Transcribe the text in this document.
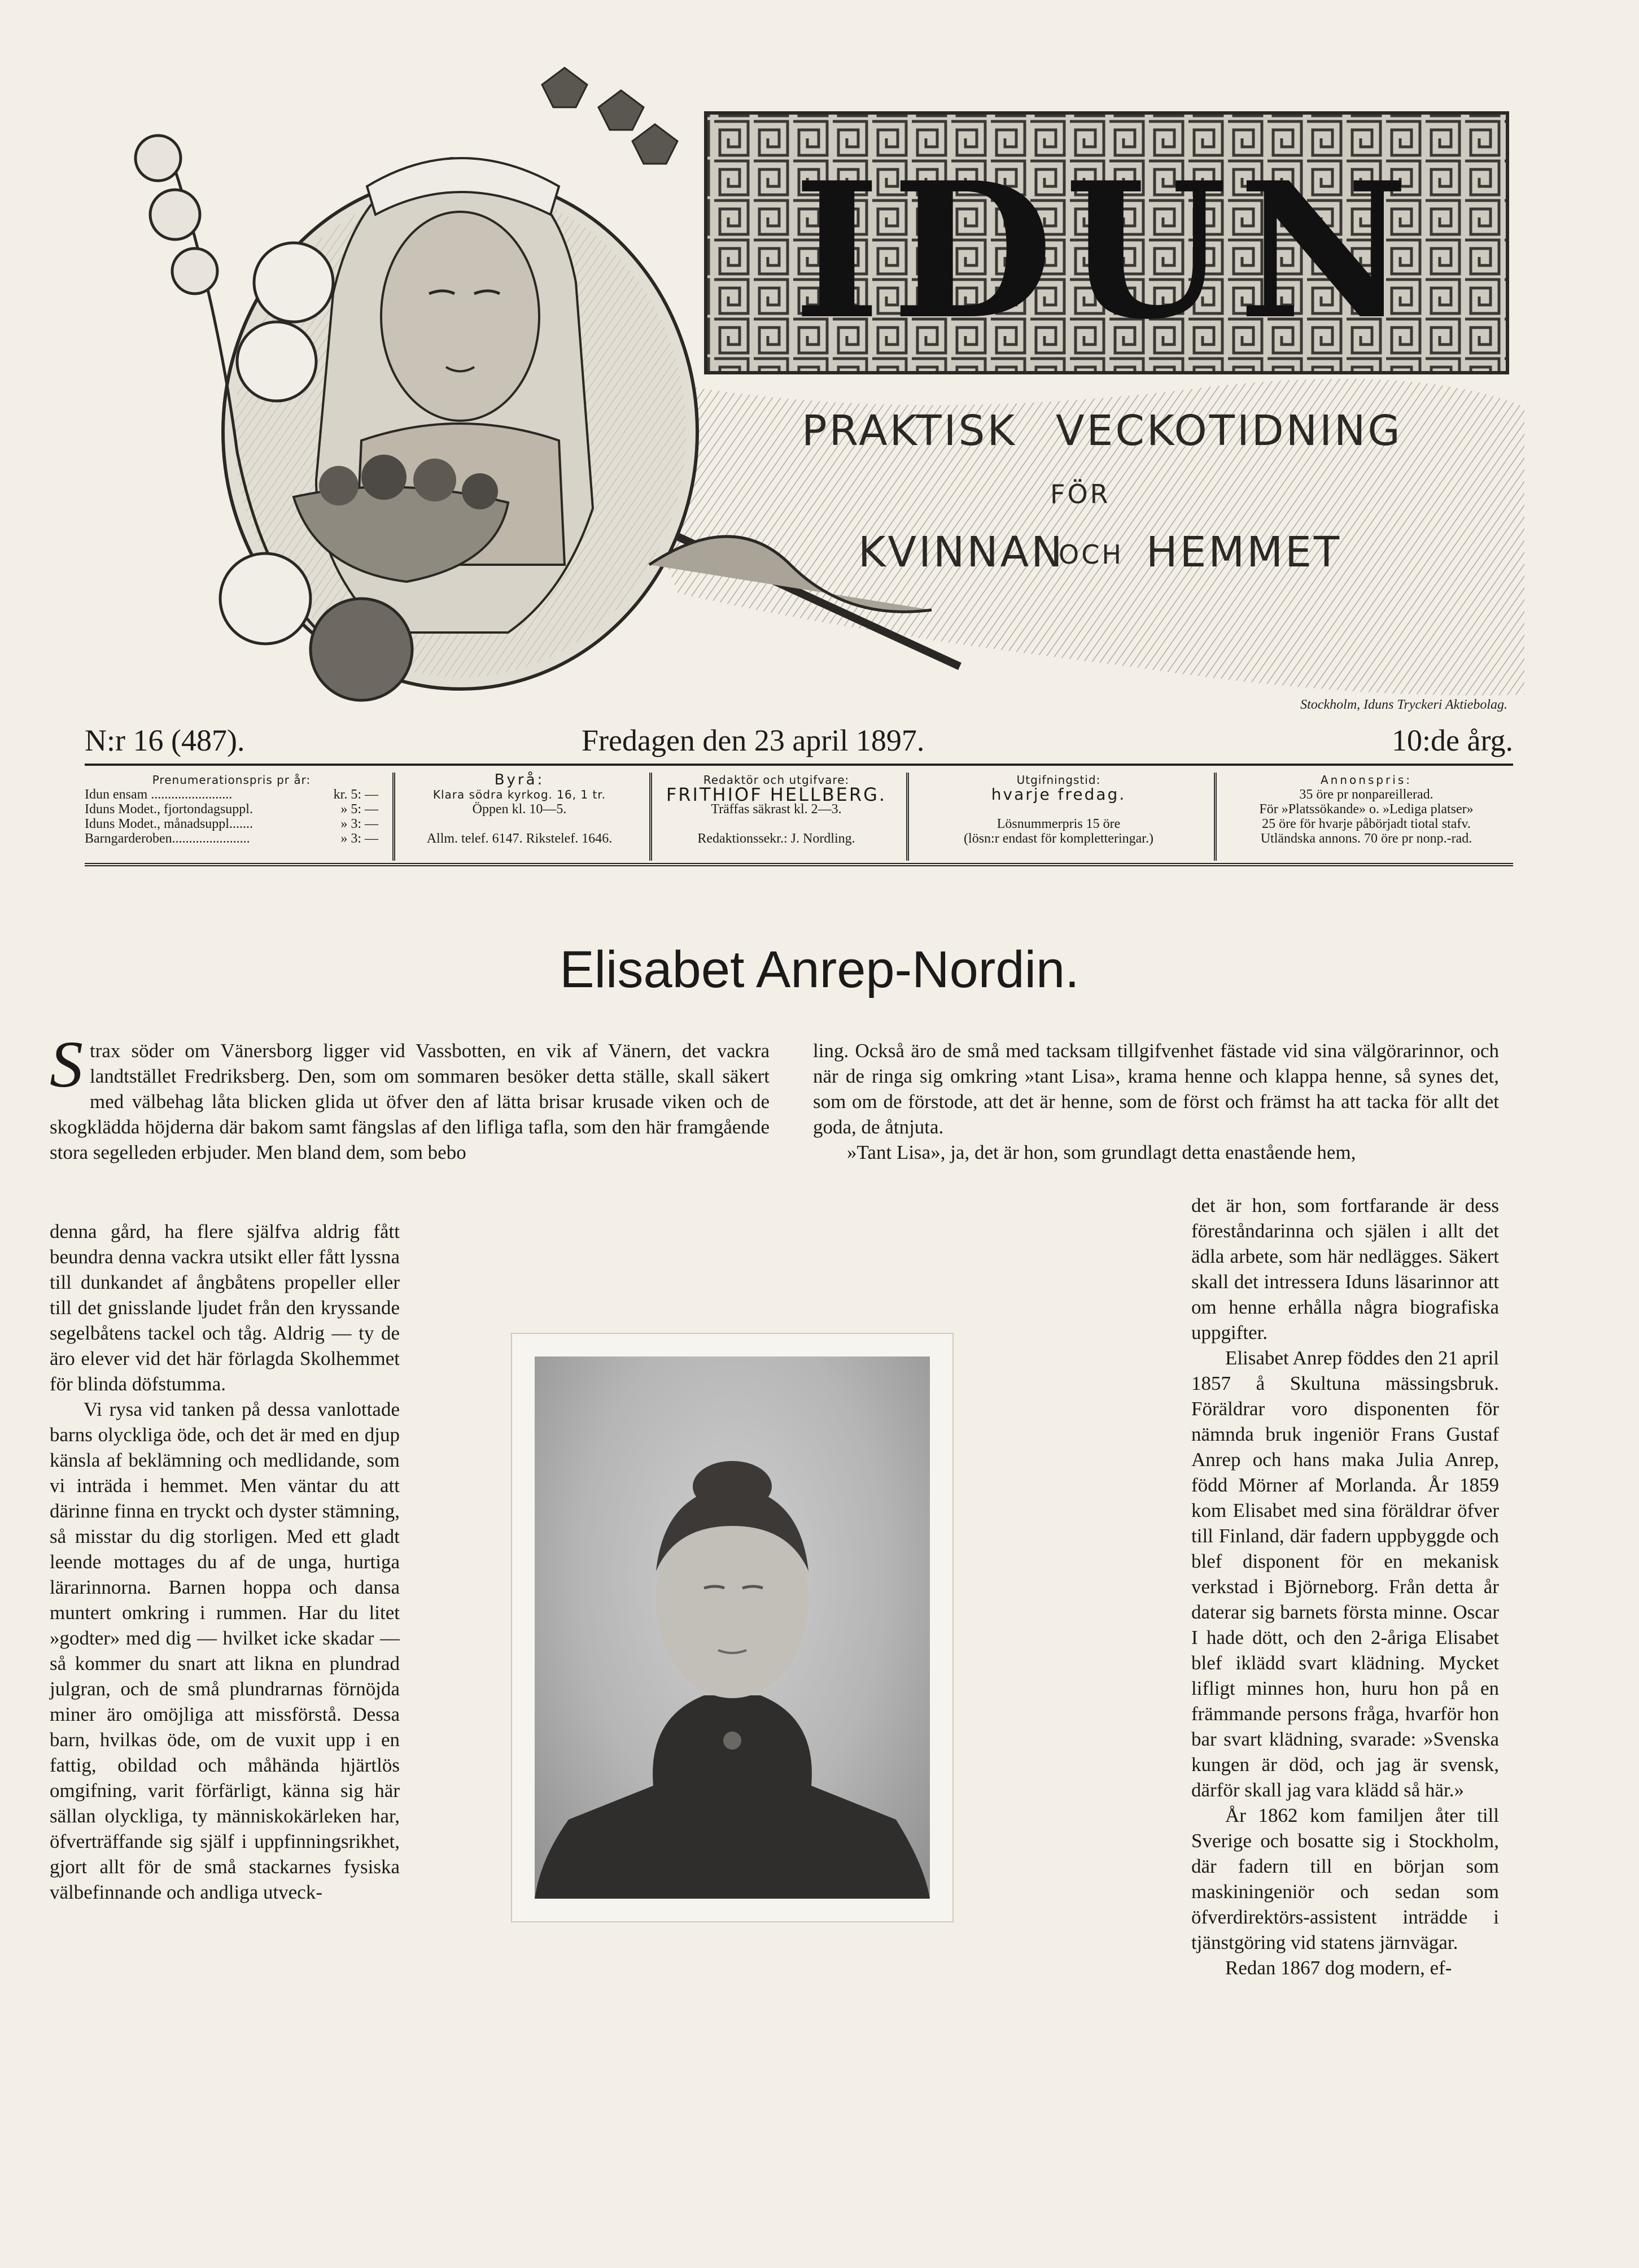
IDUN
PRAKTISK VECKOTIDNING
FÖR
KVINNAN
OCH HEMMET
Stockholm, Iduns Tryckeri Aktiebolag.
N:r 16 (487).	Fredagen den 23 april 1897.	10:de årg.
Prenumerationspris pr år:
Idun ensam ........................	kr. 5: —
Iduns Modet., fjortondagsuppl.	» 5: —
Iduns Modet., månadsuppl.......	» 3: —
Barngarderoben.......................	» 3: —
Byrå:
Klara södra kyrkog. 16, 1 tr.
Öppen kl. 10—5.
Allm. telef. 6147. Rikstelef. 1646.
Redaktör och utgifvare:
FRITHIOF HELLBERG.
Träffas säkrast kl. 2—3.
Redaktionssekr.: J. Nordling.
Utgifningstid:
hvarje fredag.
Lösnummerpris 15 öre
(lösn:r endast för kompletteringar.)
Annonspris:
35 öre pr nonpareillerad.
För »Platssökande» o. »Lediga platser»
25 öre för hvarje påbörjadt tiotal stafv.
Utländska annons. 70 öre pr nonp.-rad.
Elisabet Anrep-Nordin.

S trax söder om Vänersborg ligger vid Vassbotten, en vik af Vänern, det vackra landtstället Fredriksberg. Den, som om sommaren besöker detta ställe, skall säkert med välbehag låta blicken glida ut öfver den af lätta brisar krusade viken och de skogklädda höjderna där bakom samt fängslas af den lifliga tafla, som den här framgående stora segelleden erbjuder. Men bland dem, som bebo

denna gård, ha flere själfva aldrig fått beundra denna vackra utsikt eller fått lyssna till dunkandet af ångbåtens propeller eller till det gnisslande ljudet från den kryssande segelbåtens tackel och tåg. Aldrig — ty de äro elever vid det här förlagda Skolhemmet för blinda döfstumma.

Vi rysa vid tanken på dessa vanlottade barns olyckliga öde, och det är med en djup känsla af beklämning och medlidande, som vi inträda i hemmet. Men väntar du att därinne finna en tryckt och dyster stämning, så misstar du dig storligen. Med ett gladt leende mottages du af de unga, hurtiga lärarinnorna. Barnen hoppa och dansa muntert omkring i rummen. Har du litet »godter» med dig — hvilket icke skadar — så kommer du snart att likna en plundrad julgran, och de små plundrarnas förnöjda miner äro omöjliga att missförstå. Dessa barn, hvilkas öde, om de vuxit upp i en fattig, obildad och måhända hjärtlös omgifning, varit förfärligt, känna sig här sällan olyckliga, ty människokärleken har, öfverträffande sig själf i uppfinningsrikhet, gjort allt för de små stackarnes fysiska välbefinnande och andliga utveck-

ling. Också äro de små med tacksam tillgifvenhet fästade vid sina välgörarinnor, och när de ringa sig omkring »tant Lisa», krama henne och klappa henne, så synes det, som om de förstode, att det är henne, som de först och främst ha att tacka för allt det goda, de åtnjuta.

»Tant Lisa», ja, det är hon, som grundlagt detta enastående hem,

det är hon, som fortfarande är dess föreståndarinna och själen i allt det ädla arbete, som här nedlägges. Säkert skall det intressera Iduns läsarinnor att om henne erhålla några biografiska uppgifter.

Elisabet Anrep föddes den 21 april 1857 å Skultuna mässingsbruk. Föräldrar voro disponenten för nämnda bruk ingeniör Frans Gustaf Anrep och hans maka Julia Anrep, född Mörner af Morlanda. År 1859 kom Elisabet med sina föräldrar öfver till Finland, där fadern uppbyggde och blef disponent för en mekanisk verkstad i Björneborg. Från detta år daterar sig barnets första minne. Oscar I hade dött, och den 2-åriga Elisabet blef iklädd svart klädning. Mycket lifligt minnes hon, huru hon på en främmande persons fråga, hvarför hon bar svart klädning, svarade: »Svenska kungen är död, och jag är svensk, därför skall jag vara klädd så här.»

År 1862 kom familjen åter till Sverige och bosatte sig i Stockholm, där fadern till en början som maskiningeniör och sedan som öfverdirektörs-assistent inträdde i tjänstgöring vid statens järnvägar.

Redan 1867 dog modern, ef-
